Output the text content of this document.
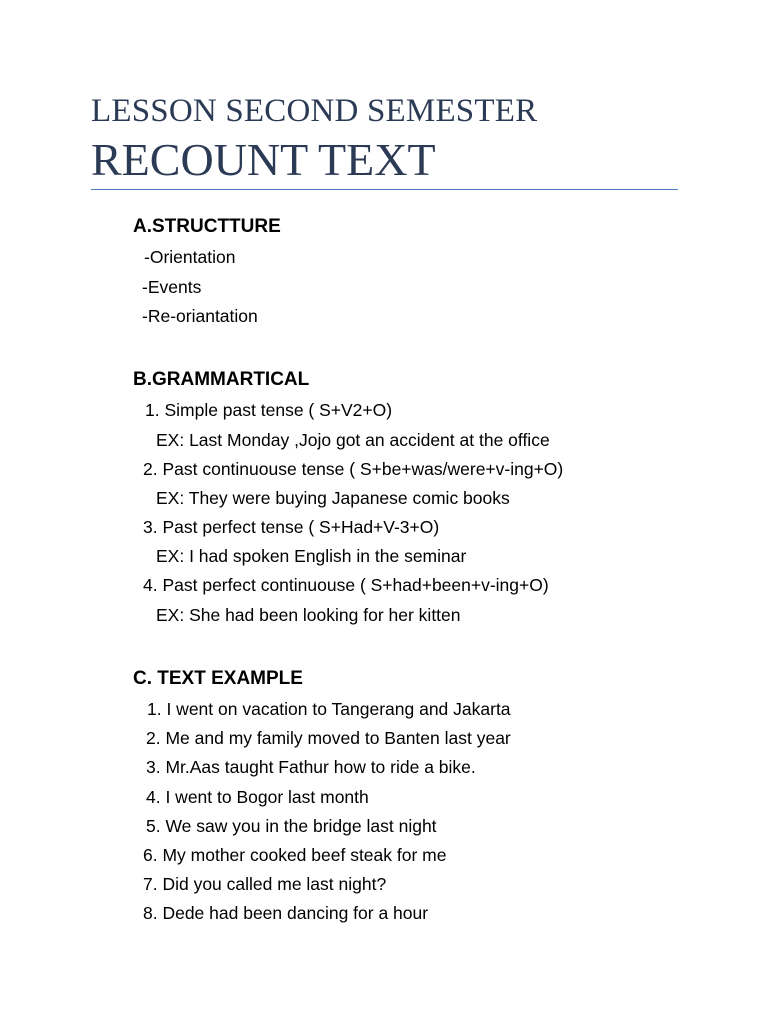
LESSON SECOND SEMESTER
RECOUNT TEXT
A.STRUCTTURE
-Orientation
-Events
-Re-oriantation
B.GRAMMARTICAL
1. Simple past tense ( S+V2+O)
EX: Last Monday ,Jojo got an accident at the office
2. Past continuouse tense ( S+be+was/were+v-ing+O)
EX: They were buying Japanese comic books
3. Past perfect tense ( S+Had+V-3+O)
EX: I had spoken English in the seminar
4. Past perfect continuouse ( S+had+been+v-ing+O)
EX: She had been looking for her kitten
C. TEXT EXAMPLE
1. I went on vacation to Tangerang and Jakarta
2. Me and my family moved to Banten last year
3. Mr.Aas taught Fathur how to ride a bike.
4. I went to Bogor last month
5. We saw you in the bridge last night
6. My mother cooked beef steak for me
7. Did you called me last night?
8. Dede had been dancing for a hour
